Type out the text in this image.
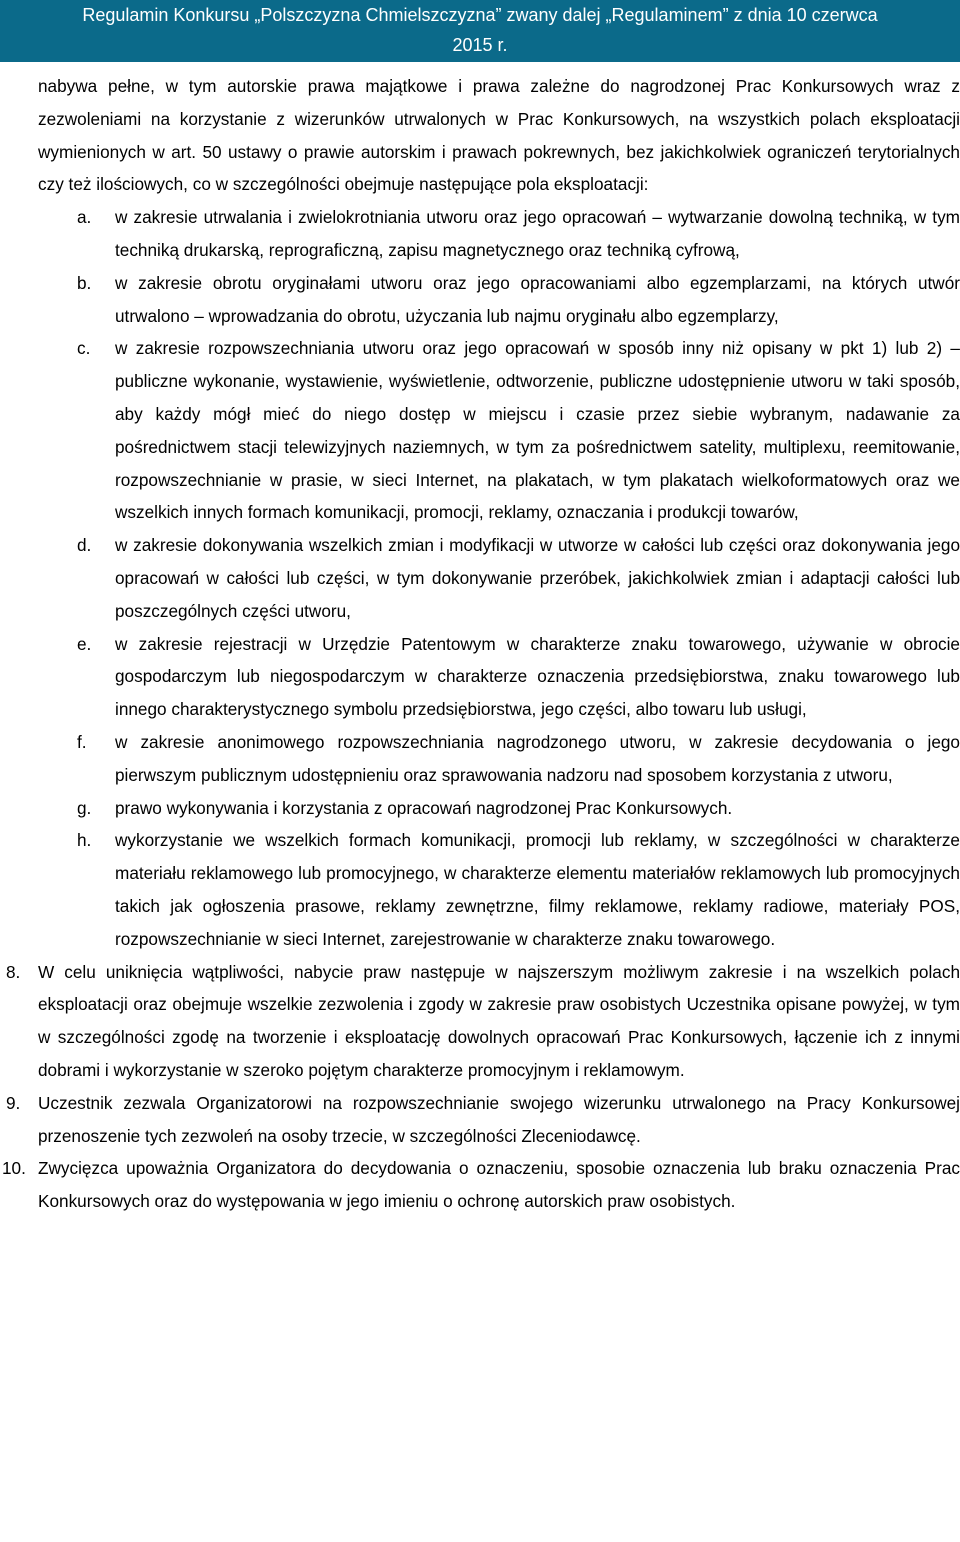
Regulamin Konkursu „Polszczyzna Chmielszczyzna” zwany dalej „Regulaminem” z dnia 10 czerwca
2015 r.

nabywa pełne, w tym autorskie prawa majątkowe i prawa zależne do nagrodzonej Prac Konkursowych wraz z zezwoleniami na korzystanie z wizerunków utrwalonych w Prac Konkursowych, na wszystkich polach eksploatacji wymienionych w art. 50 ustawy o prawie autorskim i prawach pokrewnych, bez jakichkolwiek ograniczeń terytorialnych czy też ilościowych, co w szczególności obejmuje następujące pola eksploatacji:

a. w zakresie utrwalania i zwielokrotniania utworu oraz jego opracowań – wytwarzanie dowolną techniką, w tym techniką drukarską, reprograficzną, zapisu magnetycznego oraz techniką cyfrową,
b. w zakresie obrotu oryginałami utworu oraz jego opracowaniami albo egzemplarzami, na których utwór utrwalono – wprowadzania do obrotu, użyczania lub najmu oryginału albo egzemplarzy,
c. w zakresie rozpowszechniania utworu oraz jego opracowań w sposób inny niż opisany w pkt 1) lub 2) – publiczne wykonanie, wystawienie, wyświetlenie, odtworzenie, publiczne udostępnienie utworu w taki sposób, aby każdy mógł mieć do niego dostęp w miejscu i czasie przez siebie wybranym, nadawanie za pośrednictwem stacji telewizyjnych naziemnych, w tym za pośrednictwem satelity, multiplexu, reemitowanie, rozpowszechnianie w prasie, w sieci Internet, na plakatach, w tym plakatach wielkoformatowych oraz we wszelkich innych formach komunikacji, promocji, reklamy, oznaczania i produkcji towarów,
d. w zakresie dokonywania wszelkich zmian i modyfikacji w utworze w całości lub części oraz dokonywania jego opracowań w całości lub części, w tym dokonywanie przeróbek, jakichkolwiek zmian i adaptacji całości lub poszczególnych części utworu,
e. w zakresie rejestracji w Urzędzie Patentowym w charakterze znaku towarowego, używanie w obrocie gospodarczym lub niegospodarczym w charakterze oznaczenia przedsiębiorstwa, znaku towarowego lub innego charakterystycznego symbolu przedsiębiorstwa, jego części, albo towaru lub usługi,
f. w zakresie anonimowego rozpowszechniania nagrodzonego utworu, w zakresie decydowania o jego pierwszym publicznym udostępnieniu oraz sprawowania nadzoru nad sposobem korzystania z utworu,
g. prawo wykonywania i korzystania z opracowań nagrodzonej Prac Konkursowych.
h. wykorzystanie we wszelkich formach komunikacji, promocji lub reklamy, w szczególności w charakterze materiału reklamowego lub promocyjnego, w charakterze elementu materiałów reklamowych lub promocyjnych takich jak ogłoszenia prasowe, reklamy zewnętrzne, filmy reklamowe, reklamy radiowe, materiały POS, rozpowszechnianie w sieci Internet, zarejestrowanie w charakterze znaku towarowego.
8. W celu uniknięcia wątpliwości, nabycie praw następuje w najszerszym możliwym zakresie i na wszelkich polach eksploatacji oraz obejmuje wszelkie zezwolenia i zgody w zakresie praw osobistych Uczestnika opisane powyżej, w tym w szczególności zgodę na tworzenie i eksploatację dowolnych opracowań Prac Konkursowych, łączenie ich z innymi dobrami i wykorzystanie w szeroko pojętym charakterze promocyjnym i reklamowym.
9. Uczestnik zezwala Organizatorowi na rozpowszechnianie swojego wizerunku utrwalonego na Pracy Konkursowej przenoszenie tych zezwoleń na osoby trzecie, w szczególności Zleceniodawcę.
10. Zwycięzca upoważnia Organizatora do decydowania o oznaczeniu, sposobie oznaczenia lub braku oznaczenia Prac Konkursowych oraz do występowania w jego imieniu o ochronę autorskich praw osobistych.
